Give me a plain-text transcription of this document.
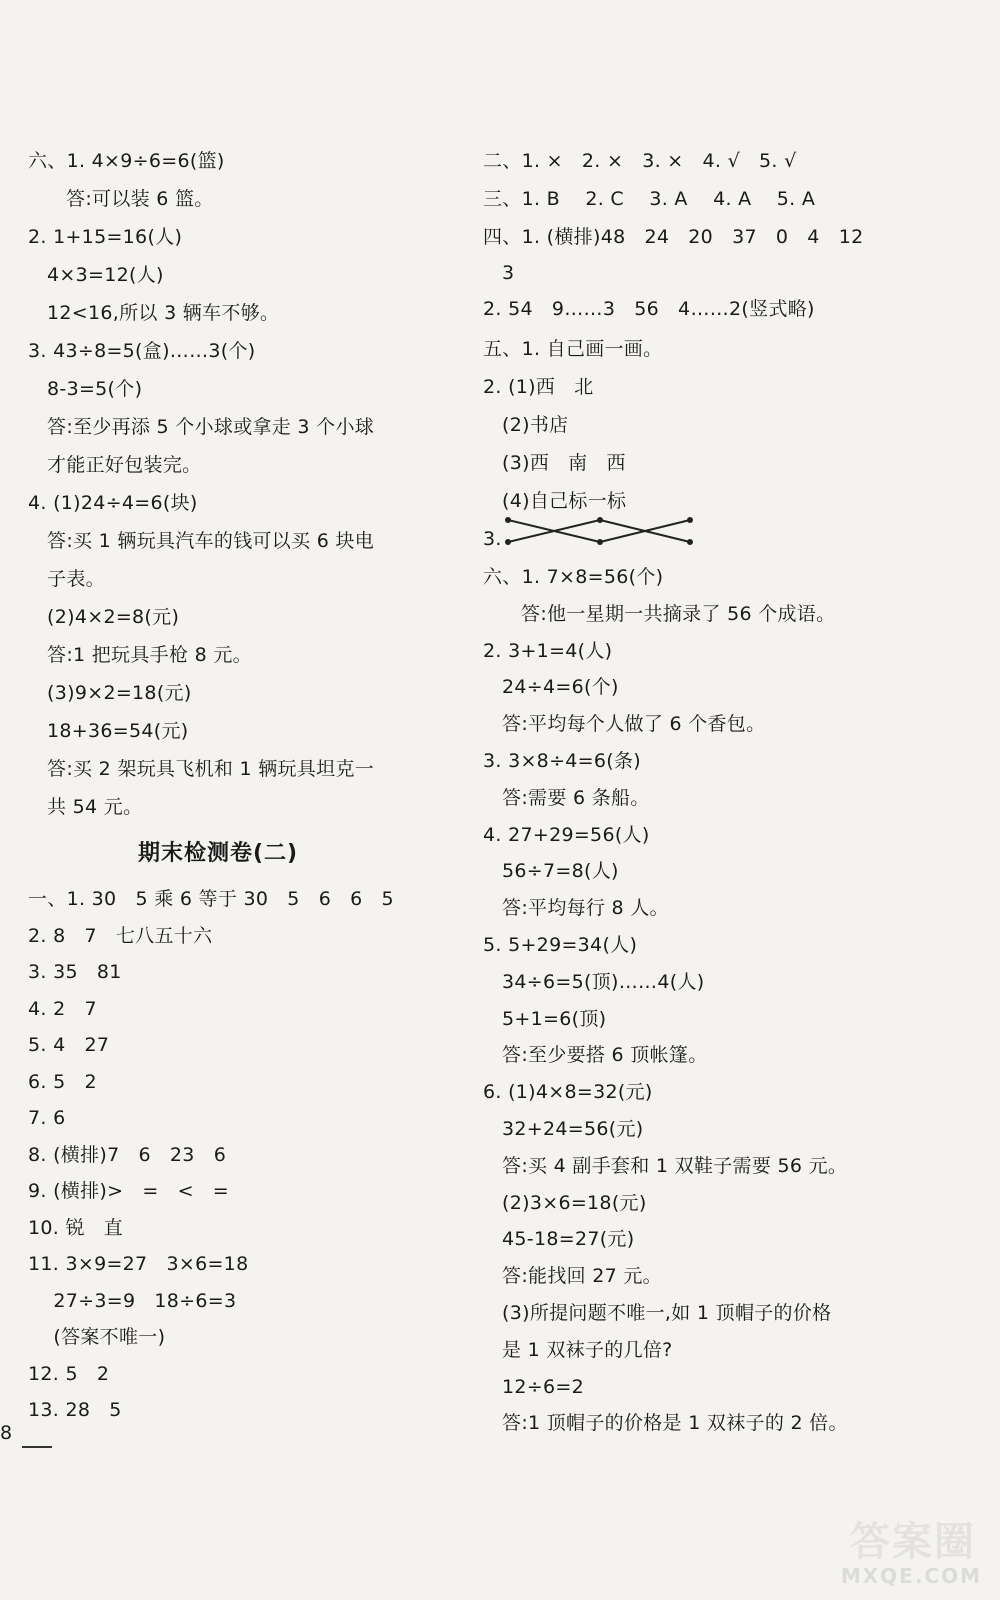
六、1. 4×9÷6=6(篮)
答:可以装 6 篮。
2. 1+15=16(人)
4×3=12(人)
12<16,所以 3 辆车不够。
3. 43÷8=5(盒)……3(个)
8-3=5(个)
答:至少再添 5 个小球或拿走 3 个小球
才能正好包装完。
4. (1)24÷4=6(块)
答:买 1 辆玩具汽车的钱可以买 6 块电
子表。
(2)4×2=8(元)
答:1 把玩具手枪 8 元。
(3)9×2=18(元)
18+36=54(元)
答:买 2 架玩具飞机和 1 辆玩具坦克一
共 54 元。
期末检测卷(二)
一、1. 30   5 乘 6 等于 30   5   6   6   5
2. 8   7   七八五十六
3. 35   81
4. 2   7
5. 4   27
6. 5   2
7. 6
8. (横排)7   6   23   6
9. (横排)>   =   <   =
10. 锐   直
11. 3×9=27   3×6=18
27÷3=9   18÷6=3
(答案不唯一)
12. 5   2
13. 28   5
二、1. ×   2. ×   3. ×   4. √   5. √
三、1. B    2. C    3. A    4. A    5. A
四、1. (横排)48   24   20   37   0   4   12
3
2. 54   9……3   56   4……2(竖式略)
五、1. 自己画一画。
2. (1)西   北
(2)书店
(3)西   南   西
(4)自己标一标
3.
六、1. 7×8=56(个)
答:他一星期一共摘录了 56 个成语。
2. 3+1=4(人)
24÷4=6(个)
答:平均每个人做了 6 个香包。
3. 3×8÷4=6(条)
答:需要 6 条船。
4. 27+29=56(人)
56÷7=8(人)
答:平均每行 8 人。
5. 5+29=34(人)
34÷6=5(顶)……4(人)
5+1=6(顶)
答:至少要搭 6 顶帐篷。
6. (1)4×8=32(元)
32+24=56(元)
答:买 4 副手套和 1 双鞋子需要 56 元。
(2)3×6=18(元)
45-18=27(元)
答:能找回 27 元。
(3)所提问题不唯一,如 1 顶帽子的价格
是 1 双袜子的几倍?
12÷6=2
答:1 顶帽子的价格是 1 双袜子的 2 倍。
8
答案圈
MXQE.COM
